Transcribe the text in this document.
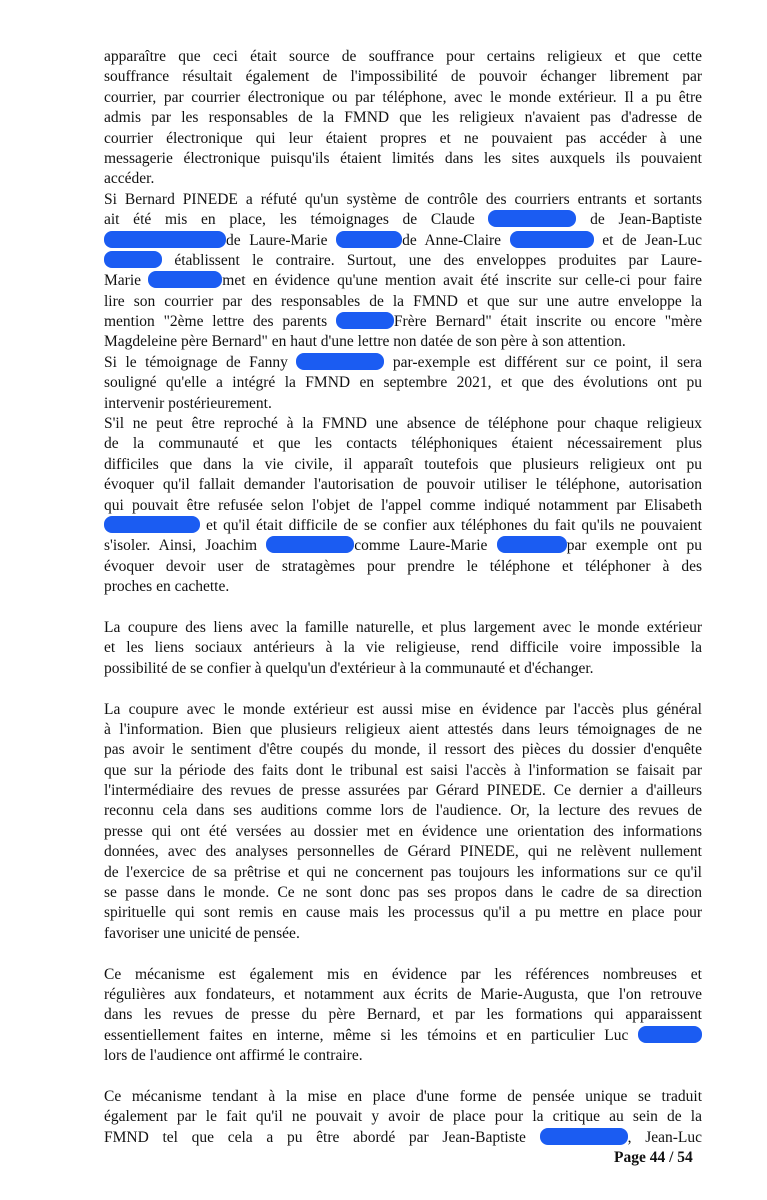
apparaître que ceci était source de souffrance pour certains religieux et que cette
souffrance résultait également de l'impossibilité de pouvoir échanger librement par
courrier, par courrier électronique ou par téléphone, avec le monde extérieur. Il a pu être
admis par les responsables de la FMND que les religieux n'avaient pas d'adresse de
courrier électronique qui leur étaient propres et ne pouvaient pas accéder à une
messagerie électronique puisqu'ils étaient limités dans les sites auxquels ils pouvaient
accéder.
Si Bernard PINEDE a réfuté qu'un système de contrôle des courriers entrants et sortants
ait été mis en place, les témoignages de Claude	de Jean-Baptiste
de Laure-Marie	de Anne-Claire	et de Jean-Luc
établissent le contraire. Surtout, une des enveloppes produites par Laure-
Marie	met en évidence qu'une mention avait été inscrite sur celle-ci pour faire
lire son courrier par des responsables de la FMND et que sur une autre enveloppe la
mention "2ème lettre des parents	Frère Bernard" était inscrite ou encore "mère
Magdeleine père Bernard" en haut d'une lettre non datée de son père à son attention.
Si le témoignage de Fanny	par-exemple est différent sur ce point, il sera
souligné qu'elle a intégré la FMND en septembre 2021, et que des évolutions ont pu
intervenir postérieurement.
S'il ne peut être reproché à la FMND une absence de téléphone pour chaque religieux
de la communauté et que les contacts téléphoniques étaient nécessairement plus
difficiles que dans la vie civile, il apparaît toutefois que plusieurs religieux ont pu
évoquer qu'il fallait demander l'autorisation de pouvoir utiliser le téléphone, autorisation
qui pouvait être refusée selon l'objet de l'appel comme indiqué notamment par Elisabeth
et qu'il était difficile de se confier aux téléphones du fait qu'ils ne pouvaient
s'isoler. Ainsi, Joachim	comme Laure-Marie	par exemple ont pu
évoquer devoir user de stratagèmes pour prendre le téléphone et téléphoner à des
proches en cachette.

La coupure des liens avec la famille naturelle, et plus largement avec le monde extérieur
et les liens sociaux antérieurs à la vie religieuse, rend difficile voire impossible la
possibilité de se confier à quelqu'un d'extérieur à la communauté et d'échanger.

La coupure avec le monde extérieur est aussi mise en évidence par l'accès plus général
à l'information. Bien que plusieurs religieux aient attestés dans leurs témoignages de ne
pas avoir le sentiment d'être coupés du monde, il ressort des pièces du dossier d'enquête
que sur la période des faits dont le tribunal est saisi l'accès à l'information se faisait par
l'intermédiaire des revues de presse assurées par Gérard PINEDE. Ce dernier a d'ailleurs
reconnu cela dans ses auditions comme lors de l'audience. Or, la lecture des revues de
presse qui ont été versées au dossier met en évidence une orientation des informations
données, avec des analyses personnelles de Gérard PINEDE, qui ne relèvent nullement
de l'exercice de sa prêtrise et qui ne concernent pas toujours les informations sur ce qu'il
se passe dans le monde. Ce ne sont donc pas ses propos dans le cadre de sa direction
spirituelle qui sont remis en cause mais les processus qu'il a pu mettre en place pour
favoriser une unicité de pensée.

Ce mécanisme est également mis en évidence par les références nombreuses et
régulières aux fondateurs, et notamment aux écrits de Marie-Augusta, que l'on retrouve
dans les revues de presse du père Bernard, et par les formations qui apparaissent
essentiellement faites en interne, même si les témoins et en particulier Luc
lors de l'audience ont affirmé le contraire.

Ce mécanisme tendant à la mise en place d'une forme de pensée unique se traduit
également par le fait qu'il ne pouvait y avoir de place pour la critique au sein de la
FMND tel que cela a pu être abordé par Jean-Baptiste	, Jean-Luc
Page 44 / 54
